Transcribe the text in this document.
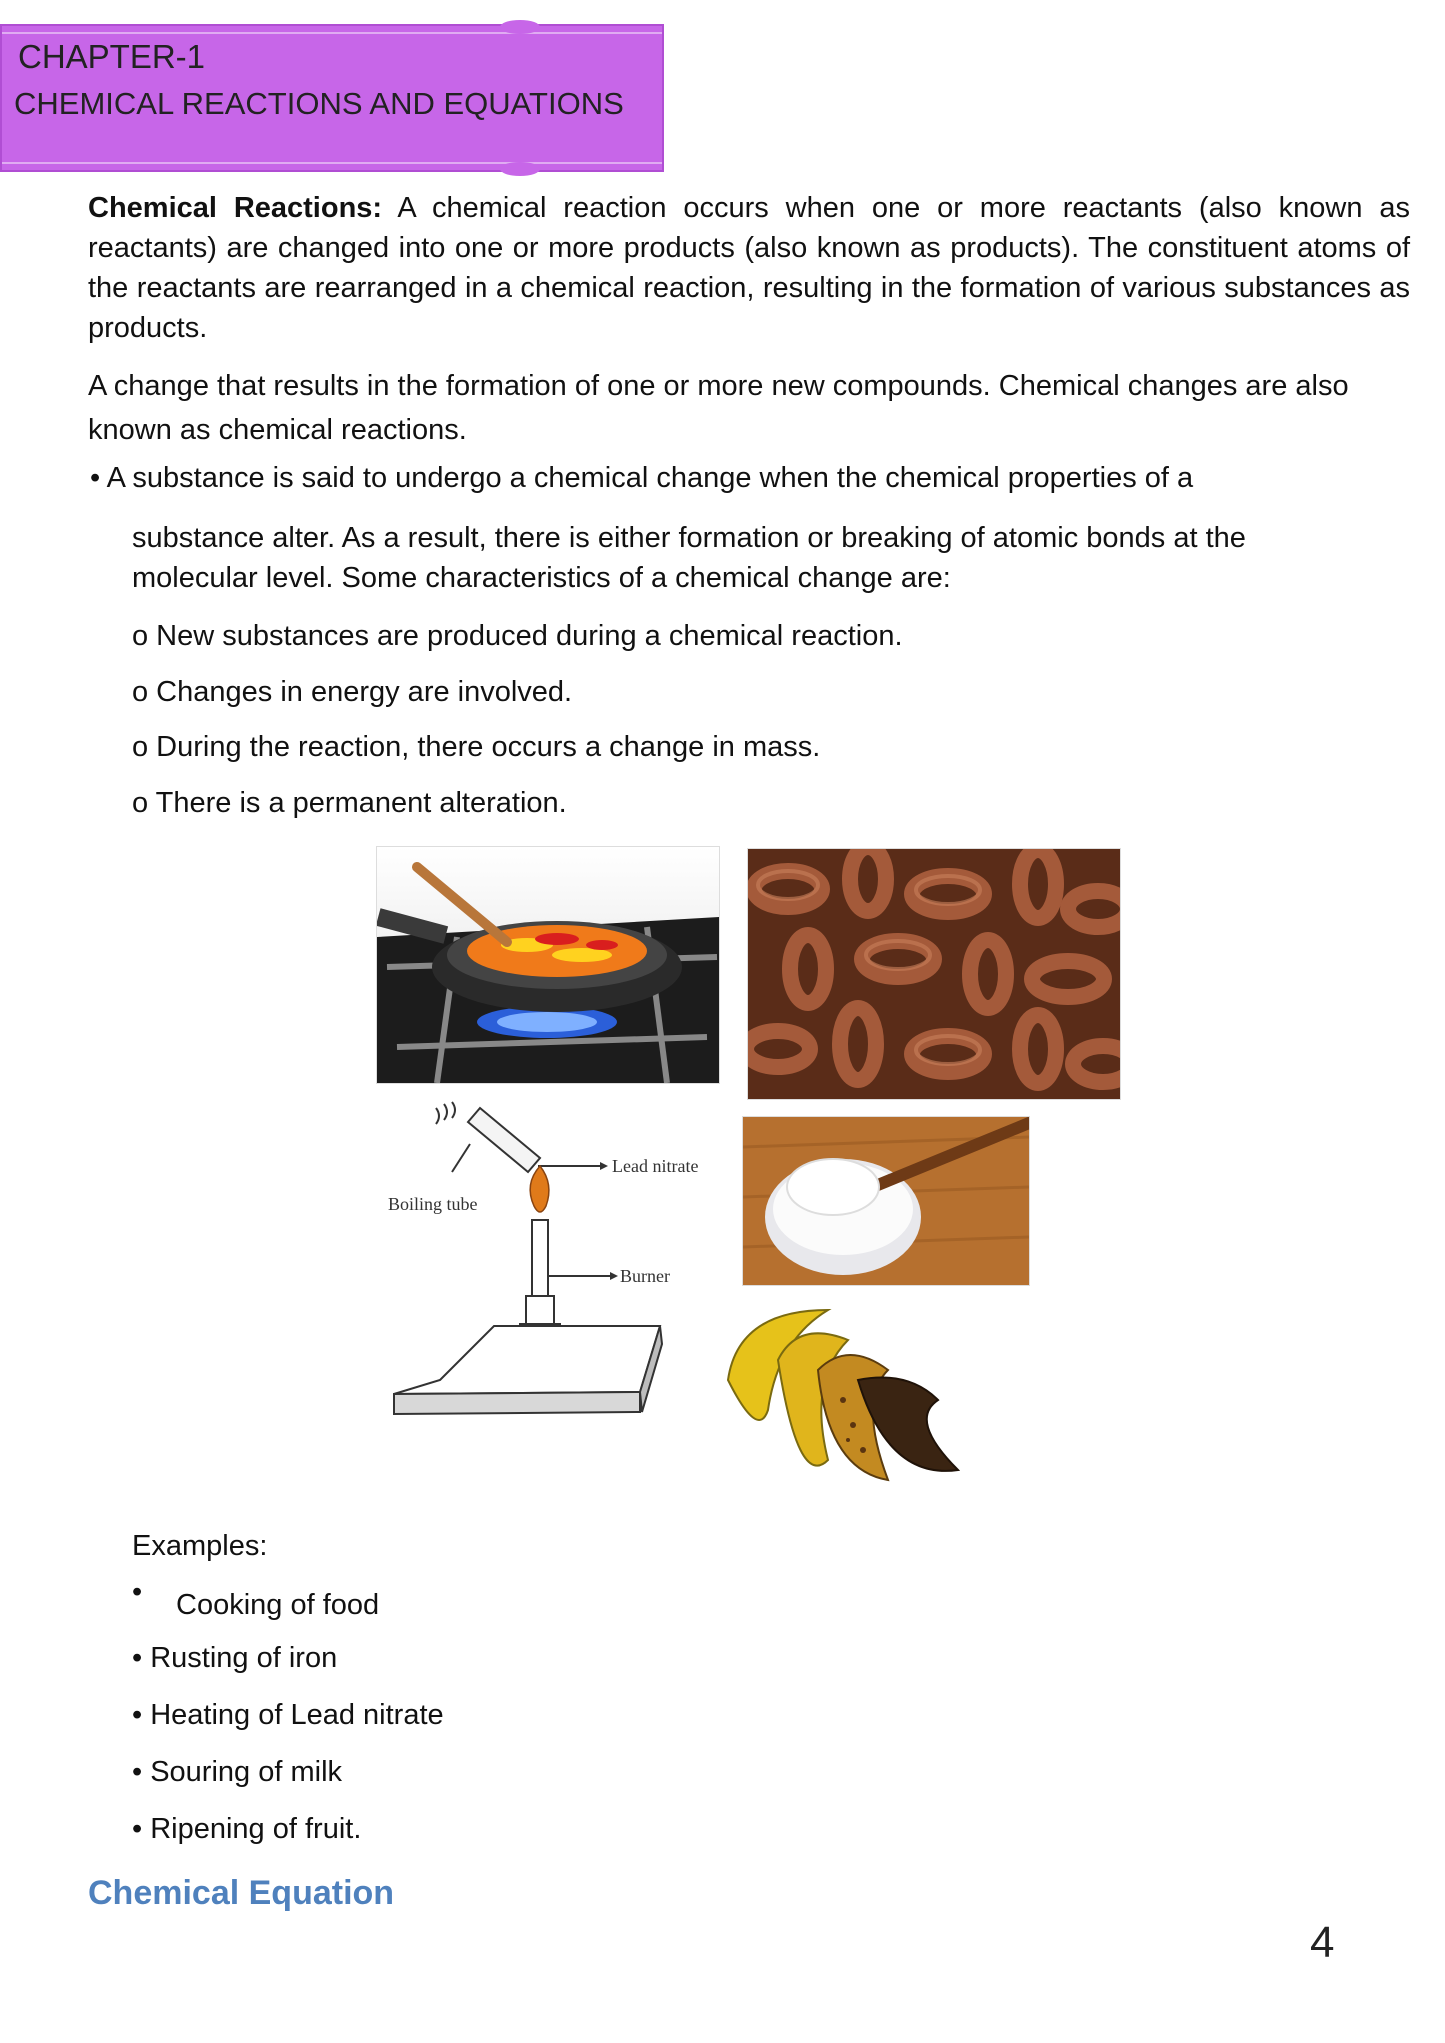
CHAPTER-1
CHEMICAL REACTIONS AND EQUATIONS
Chemical Reactions: A chemical reaction occurs when one or more reactants (also known as reactants) are changed into one or more products (also known as products). The constituent atoms of the reactants are rearranged in a chemical reaction, resulting in the formation of various substances as products.
A change that results in the formation of one or more new compounds. Chemical changes are also known as chemical reactions.
• A substance is said to undergo a chemical change when the chemical properties of a
substance alter. As a result, there is either formation or breaking of atomic bonds at the molecular level. Some characteristics of a chemical change are:
o New substances are produced during a chemical reaction.
o Changes in energy are involved.
o During the reaction, there occurs a change in mass.
o There is a permanent alteration.
Lead nitrate
Boiling tube
Burner
Examples:
• Cooking of food
• Rusting of iron
• Heating of Lead nitrate
• Souring of milk
• Ripening of fruit.
Chemical Equation
4
